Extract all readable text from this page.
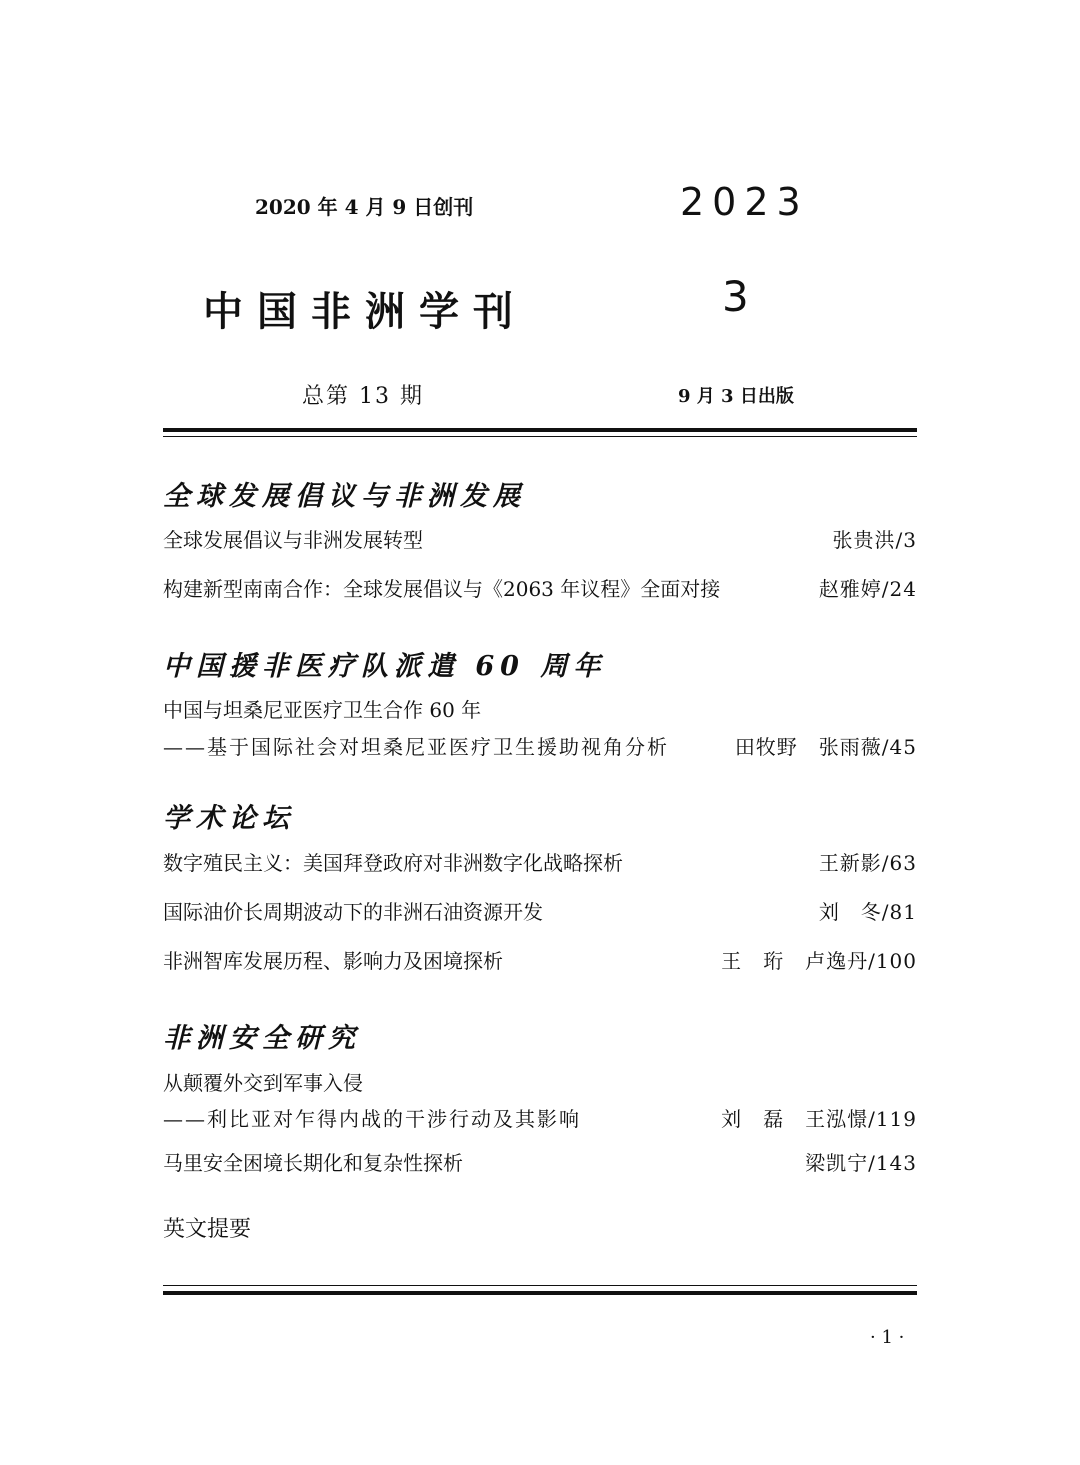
2020 年 4 月 9 日创刊	2023
中国非洲学刊	3
总第 13 期	9 月 3 日出版
全球发展倡议与非洲发展
全球发展倡议与非洲发展转型	张贵洪/3
构建新型南南合作：全球发展倡议与《2063 年议程》全面对接	赵雅婷/24
中国援非医疗队派遣 60 周年
中国与坦桑尼亚医疗卫生合作 60 年
——基于国际社会对坦桑尼亚医疗卫生援助视角分析	田牧野　张雨薇/45
学术论坛
数字殖民主义：美国拜登政府对非洲数字化战略探析	王新影/63
国际油价长周期波动下的非洲石油资源开发	刘　冬/81
非洲智库发展历程、影响力及困境探析	王　珩　卢逸丹/100
非洲安全研究
从颠覆外交到军事入侵
——利比亚对乍得内战的干涉行动及其影响	刘　磊　王泓憬/119
马里安全困境长期化和复杂性探析	梁凯宁/143
英文提要
· 1 ·
